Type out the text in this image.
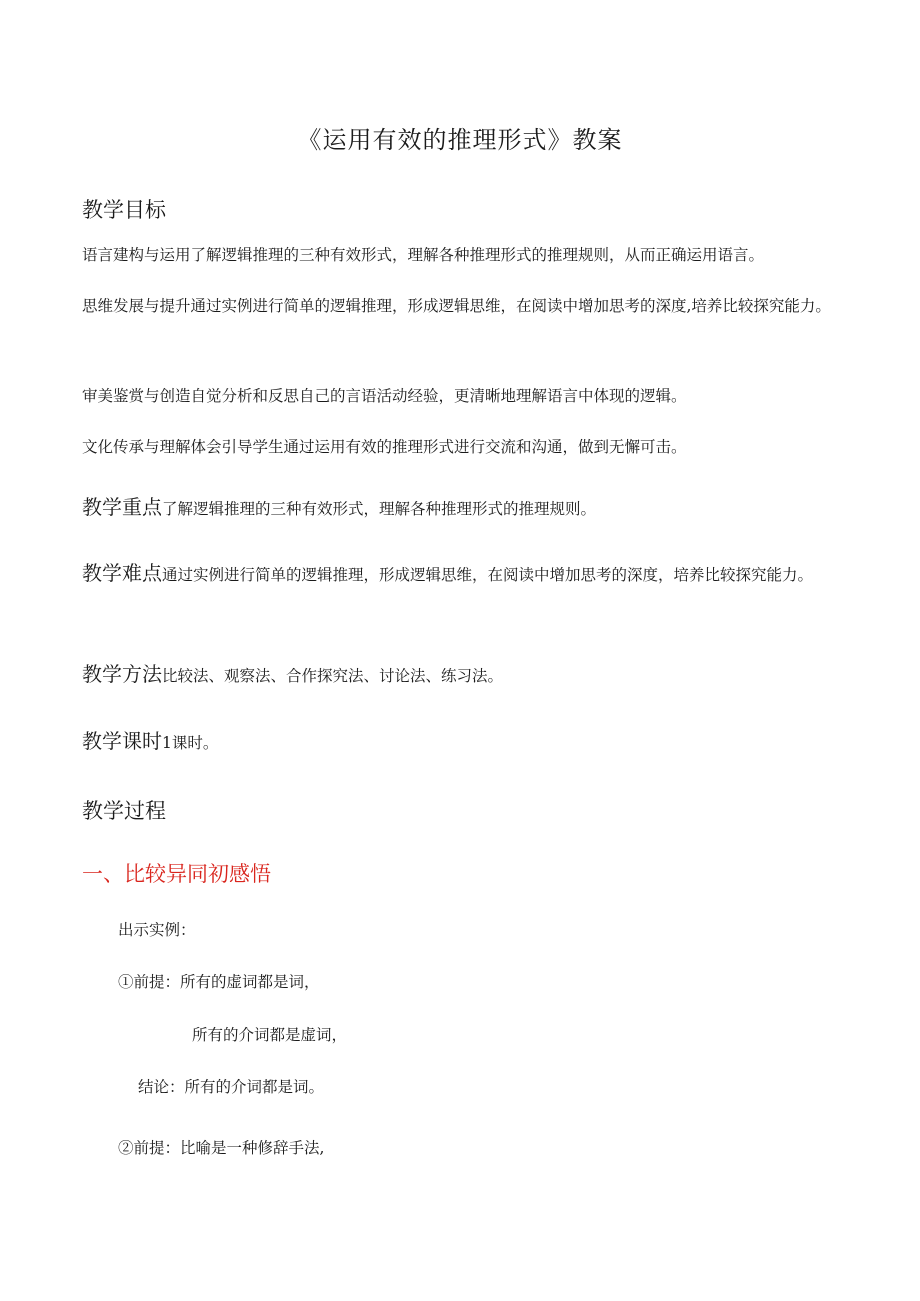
《运用有效的推理形式》教案
教学目标
语言建构与运用了解逻辑推理的三种有效形式，理解各种推理形式的推理规则，从而正确运用语言。
思维发展与提升通过实例进行简单的逻辑推理，形成逻辑思维，在阅读中增加思考的深度,培养比较探究能力。
审美鉴赏与创造自觉分析和反思自己的言语活动经验，更清晰地理解语言中体现的逻辑。
文化传承与理解体会引导学生通过运用有效的推理形式进行交流和沟通，做到无懈可击。
教学重点了解逻辑推理的三种有效形式，理解各种推理形式的推理规则。
教学难点通过实例进行简单的逻辑推理，形成逻辑思维，在阅读中增加思考的深度，培养比较探究能力。
教学方法比较法、观察法、合作探究法、讨论法、练习法。
教学课时1课时。
教学过程
一、比较异同初感悟
出示实例：
①前提：所有的虚词都是词，
所有的介词都是虚词，
结论：所有的介词都是词。
②前提：比喻是一种修辞手法,
